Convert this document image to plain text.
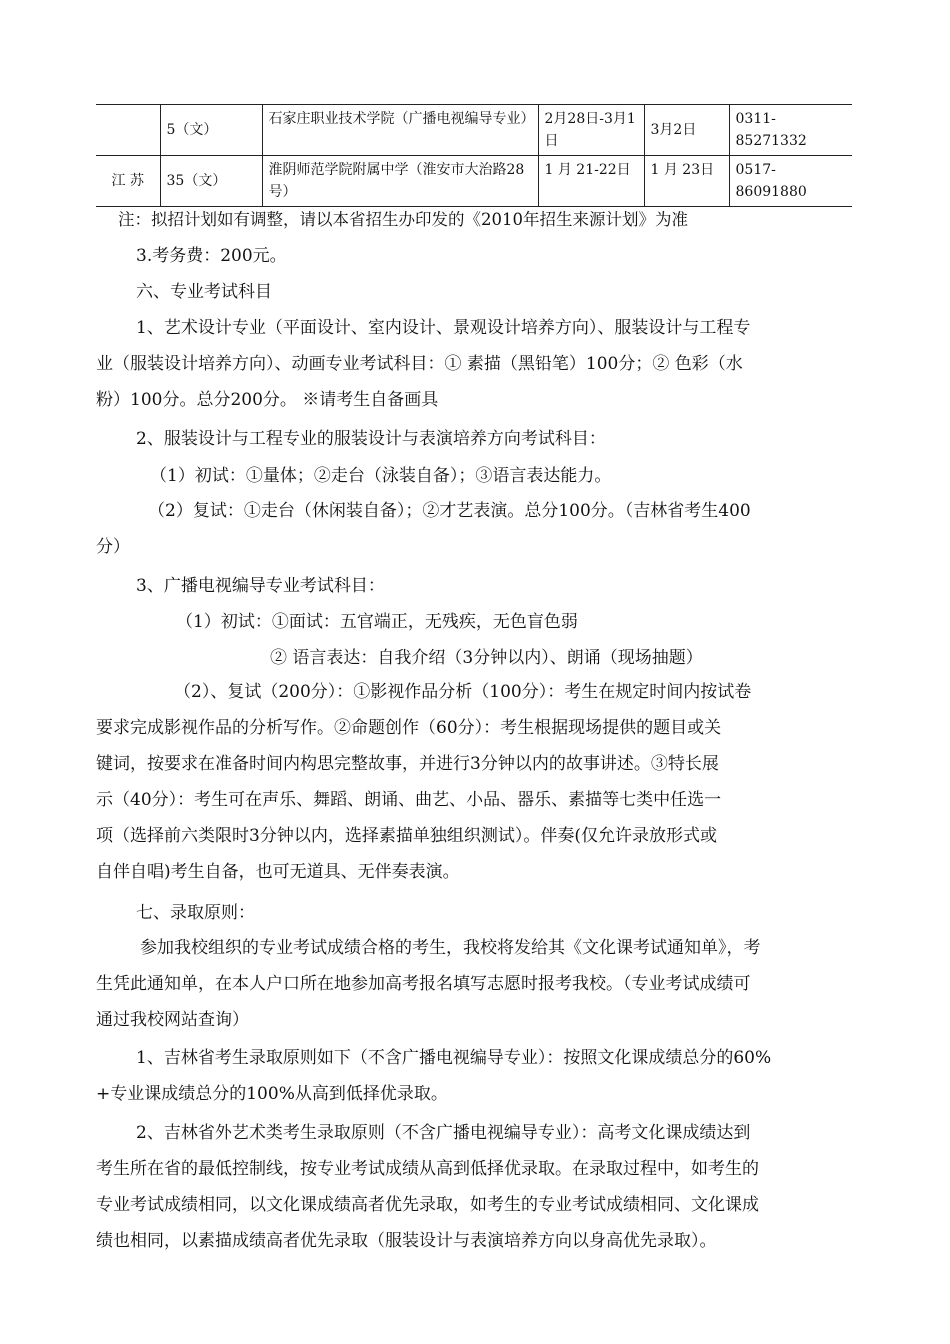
	5（文）	石家庄职业技术学院（广播电视编导专业）	2月28日-3月1日	3月2日	0311-85271332
江 苏	35（文）	淮阴师范学院附属中学（淮安市大治路28号）	1 月 21-22日	1 月 23日	0517-86091880
注：拟招计划如有调整，请以本省招生办印发的《2010年招生来源计划》为准
3.考务费：200元。
六、专业考试科目
1、艺术设计专业（平面设计、室内设计、景观设计培养方向）、服装设计与工程专
业（服装设计培养方向）、动画专业考试科目：① 素描（黑铅笔）100分；② 色彩（水
粉）100分。总分200分。 ※请考生自备画具
2、服装设计与工程专业的服装设计与表演培养方向考试科目：
（1）初试：①量体；②走台（泳装自备）；③语言表达能力。
（2）复试：①走台（休闲装自备）；②才艺表演。总分100分。（吉林省考生400
分）
3、广播电视编导专业考试科目：
（1）初试：①面试：五官端正，无残疾，无色盲色弱
② 语言表达：自我介绍（3分钟以内）、朗诵（现场抽题）
（2）、复试（200分）：①影视作品分析（100分）：考生在规定时间内按试卷
要求完成影视作品的分析写作。②命题创作（60分）：考生根据现场提供的题目或关
键词，按要求在准备时间内构思完整故事，并进行3分钟以内的故事讲述。③特长展
示（40分）：考生可在声乐、舞蹈、朗诵、曲艺、小品、器乐、素描等七类中任选一
项（选择前六类限时3分钟以内，选择素描单独组织测试）。伴奏(仅允许录放形式或
自伴自唱)考生自备，也可无道具、无伴奏表演。
七、录取原则：
参加我校组织的专业考试成绩合格的考生，我校将发给其《文化课考试通知单》，考
生凭此通知单，在本人户口所在地参加高考报名填写志愿时报考我校。（专业考试成绩可
通过我校网站查询）
1、吉林省考生录取原则如下（不含广播电视编导专业）：按照文化课成绩总分的60%
+专业课成绩总分的100%从高到低择优录取。
2、吉林省外艺术类考生录取原则（不含广播电视编导专业）：高考文化课成绩达到
考生所在省的最低控制线，按专业考试成绩从高到低择优录取。在录取过程中，如考生的
专业考试成绩相同，以文化课成绩高者优先录取，如考生的专业考试成绩相同、文化课成
绩也相同，以素描成绩高者优先录取（服装设计与表演培养方向以身高优先录取）。
